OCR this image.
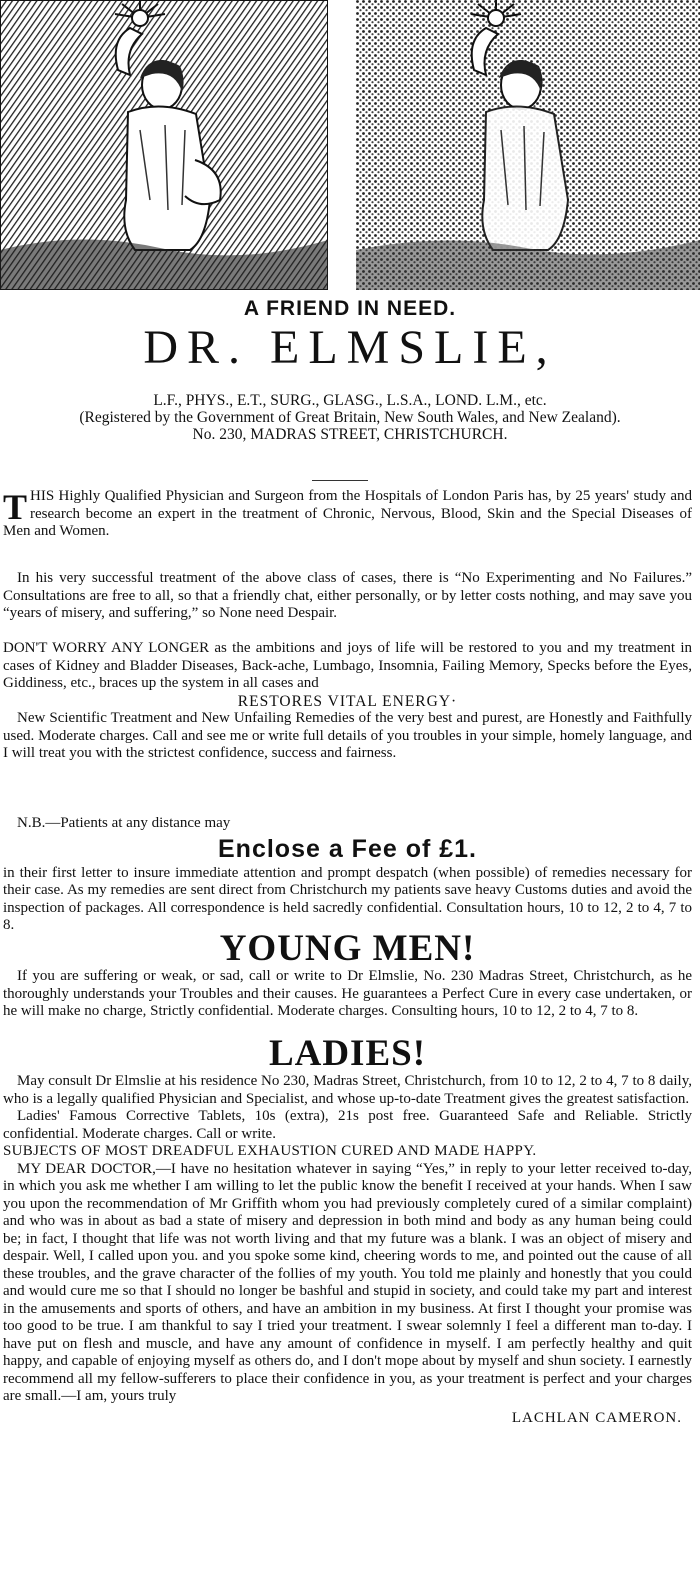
A FRIEND IN NEED.
DR. ELMSLIE,
L.F., PHYS., E.T., SURG., GLASG., L.S.A., LOND. L.M., etc.
(Registered by the Government of Great Britain, New South Wales, and New Zealand).
No. 230, MADRAS STREET, CHRISTCHURCH.

THIS Highly Qualified Physician and Surgeon from the Hospitals of London Paris has, by 25 years' study and research become an expert in the treatment of Chronic, Nervous, Blood, Skin and the Special Diseases of Men and Women.

In his very successful treatment of the above class of cases, there is “No Experimenting and No Failures.” Consultations are free to all, so that a friendly chat, either personally, or by letter costs nothing, and may save you “years of misery, and suffering,” so None need Despair.

DON'T WORRY ANY LONGER as the ambitions and joys of life will be restored to you and my treatment in cases of Kidney and Bladder Diseases, Back-ache, Lumbago, Insomnia, Failing Memory, Specks before the Eyes, Giddiness, etc., braces up the system in all cases and

RESTORES VITAL ENERGY·

New Scientific Treatment and New Unfailing Remedies of the very best and purest, are Honestly and Faithfully used. Moderate charges. Call and see me or write full details of you troubles in your simple, homely language, and I will treat you with the strictest confidence, success and fairness.

N.B.—Patients at any distance may

Enclose a Fee of £1.

in their first letter to insure immediate attention and prompt despatch (when possible) of remedies necessary for their case. As my remedies are sent direct from Christchurch my patients save heavy Customs duties and avoid the inspection of packages. All correspondence is held sacredly confidential. Consultation hours, 10 to 12, 2 to 4, 7 to 8.

YOUNG MEN!

If you are suffering or weak, or sad, call or write to Dr Elmslie, No. 230 Madras Street, Christchurch, as he thoroughly understands your Troubles and their causes. He guarantees a Perfect Cure in every case undertaken, or he will make no charge, Strictly confidential. Moderate charges. Consulting hours, 10 to 12, 2 to 4, 7 to 8.

LADIES!

May consult Dr Elmslie at his residence No 230, Madras Street, Christchurch, from 10 to 12, 2 to 4, 7 to 8 daily, who is a legally qualified Physician and Specialist, and whose up-to-date Treatment gives the greatest satisfaction.

Ladies' Famous Corrective Tablets, 10s (extra), 21s post free. Guaranteed Safe and Reliable. Strictly confidential. Moderate charges. Call or write.

SUBJECTS OF MOST DREADFUL EXHAUSTION CURED AND MADE HAPPY.

MY DEAR DOCTOR,—I have no hesitation whatever in saying “Yes,” in reply to your letter received to-day, in which you ask me whether I am willing to let the public know the benefit I received at your hands. When I saw you upon the recommendation of Mr Griffith whom you had previously completely cured of a similar complaint) and who was in about as bad a state of misery and depression in both mind and body as any human being could be; in fact, I thought that life was not worth living and that my future was a blank. I was an object of misery and despair. Well, I called upon you. and you spoke some kind, cheering words to me, and pointed out the cause of all these troubles, and the grave character of the follies of my youth. You told me plainly and honestly that you could and would cure me so that I should no longer be bashful and stupid in society, and could take my part and interest in the amusements and sports of others, and have an ambition in my business. At first I thought your promise was too good to be true. I am thankful to say I tried your treatment. I swear solemnly I feel a different man to-day. I have put on flesh and muscle, and have any amount of confidence in myself. I am perfectly healthy and quit happy, and capable of enjoying myself as others do, and I don't mope about by myself and shun society. I earnestly recommend all my fellow-sufferers to place their confidence in you, as your treatment is perfect and your charges are small.—I am, yours truly

LACHLAN CAMERON.
